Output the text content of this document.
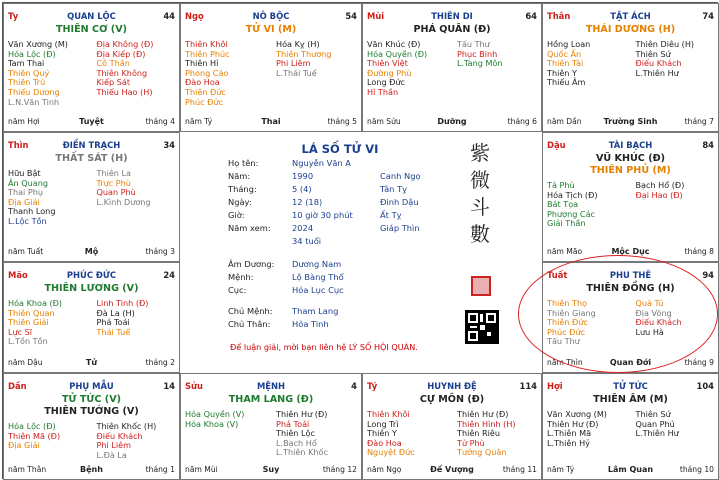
QUAN LỘC
Ty	44
THIÊN CƠ (V)
Văn Xương (M)
Hóa Lộc (Đ)
Tam Thai
Thiên Quý
Thiên Trù
Thiếu Dương
L.N.Văn Tinh
Địa Không (Đ)
Địa Kiếp (Đ)
Cô Thần
Thiên Không
Kiếp Sát
Thiếu Hao (H)
năm Hợi	Tuyệt	tháng 4
NÔ BỘC
Ngọ	54
TỬ VI (M)
Thiên Khôi
Thiên Phúc
Thiên Hỉ
Phong Cáo
Đào Hoa
Thiên Đức
Phúc Đức
Hóa Kỵ (H)
Thiên Thương
Phi Liêm
L.Thái Tuế
năm Tý	Thai	tháng 5
THIÊN DI
Mùi	64
PHÁ QUÂN (Đ)
Văn Khúc (Đ)
Hóa Quyền (Đ)
Thiên Việt
Đường Phù
Long Đức
Hỉ Thần
Tấu Thư
Phục Binh
L.Tang Môn
năm Sửu	Dưỡng	tháng 6
TẬT ÁCH
Thân	74
THÁI DƯƠNG (H)
Hồng Loan
Quốc Ấn
Thiên Tài
Thiên Y
Thiếu Âm
Thiên Diêu (H)
Thiên Sứ
Điếu Khách
L.Thiên Hư
năm Dần	Trường Sinh	tháng 7
ĐIỀN TRẠCH
Thìn	34
THẤT SÁT (H)
Hữu Bật
Ân Quang
Thai Phụ
Địa Giải
Thanh Long
L.Lộc Tồn
Thiên La
Trực Phù
Quan Phù
L.Kình Dương
năm Tuất	Mộ	tháng 3
TÀI BẠCH
Dậu	84
VŨ KHÚC (Đ)
THIÊN PHỦ (M)
Tả Phù
Hóa Tịch (Đ)
Bát Tọa
Phượng Các
Giải Thần
Bạch Hổ (Đ)
Đại Hao (Đ)
năm Mão	Mộc Dục	tháng 8
PHÚC ĐỨC
Mão	24
THIÊN LƯƠNG (V)
Hóa Khoa (Đ)
Thiên Quan
Thiên Giải
Lực Sĩ
L.Tồn Tồn
Linh Tinh (Đ)
Đà La (H)
Phá Toái
Thái Tuế
năm Dậu	Tử	tháng 2
PHU THÊ
Tuất	94
THIÊN ĐỒNG (H)
Thiên Thọ
Thiên Giang
Thiên Đức
Phúc Đức
Tấu Thư
Quả Tú
Địa Võng
Điếu Khách
Lưu Hà
năm Thìn	Quan Đới	tháng 9
PHỤ MẪU
Dần	14
TỬ TỨC (V)
THIÊN TƯỚNG (V)
Hóa Lộc (Đ)
Thiên Mã (Đ)
Địa Giải
Thiên Khốc (H)
Điếu Khách
Phi Liêm
L.Đà La
năm Thân	Bệnh	tháng 1
MỆNH
Sửu	4
THAM LANG (Đ)
Hóa Quyền (V)
Hóa Khoa (V)
Thiên Hư (Đ)
Phá Toái
Thiên Lộc
L.Bạch Hổ
L.Thiên Khốc
năm Mùi	Suy	tháng 12
HUYNH ĐỆ
Tý	114
CỰ MÔN (Đ)
Thiên Khôi
Long Trì
Thiên Y
Đào Hoa
Nguyệt Đức
Thiên Hư (Đ)
Thiên Hình (H)
Thiên Riêu
Tử Phù
Tướng Quân
năm Ngọ	Đế Vượng	tháng 11
TỬ TỨC
Hợi	104
THIÊN ÂM (M)
Văn Xương (M)
Thiên Hư (Đ)
L.Thiên Mã
L.Thiên Hỷ
Thiên Sứ
Quan Phủ
L.Thiên Hư
năm Tý	Lâm Quan	tháng 10
LÁ SỐ TỬ VI
Họ tên:	Nguyễn Văn A
Năm:	1990	Canh Ngọ
Tháng:	5 (4)	Tân Tỵ
Ngày:	12 (18)	Đinh Dậu
Giờ:	10 giờ 30 phút	Ất Tỵ
Năm xem:	2024	Giáp Thìn
34 tuổi
Âm Dương: Dương Nam
Mệnh:	Lộ Bàng Thổ
Cục:	Hỏa Lục Cục
Chủ Mệnh: Tham Lang
Chủ Thân:	Hỏa Tinh
紫
微
斗
數
Để luận giải, mời bạn liên hệ LÝ SỐ HỘI QUÁN.
